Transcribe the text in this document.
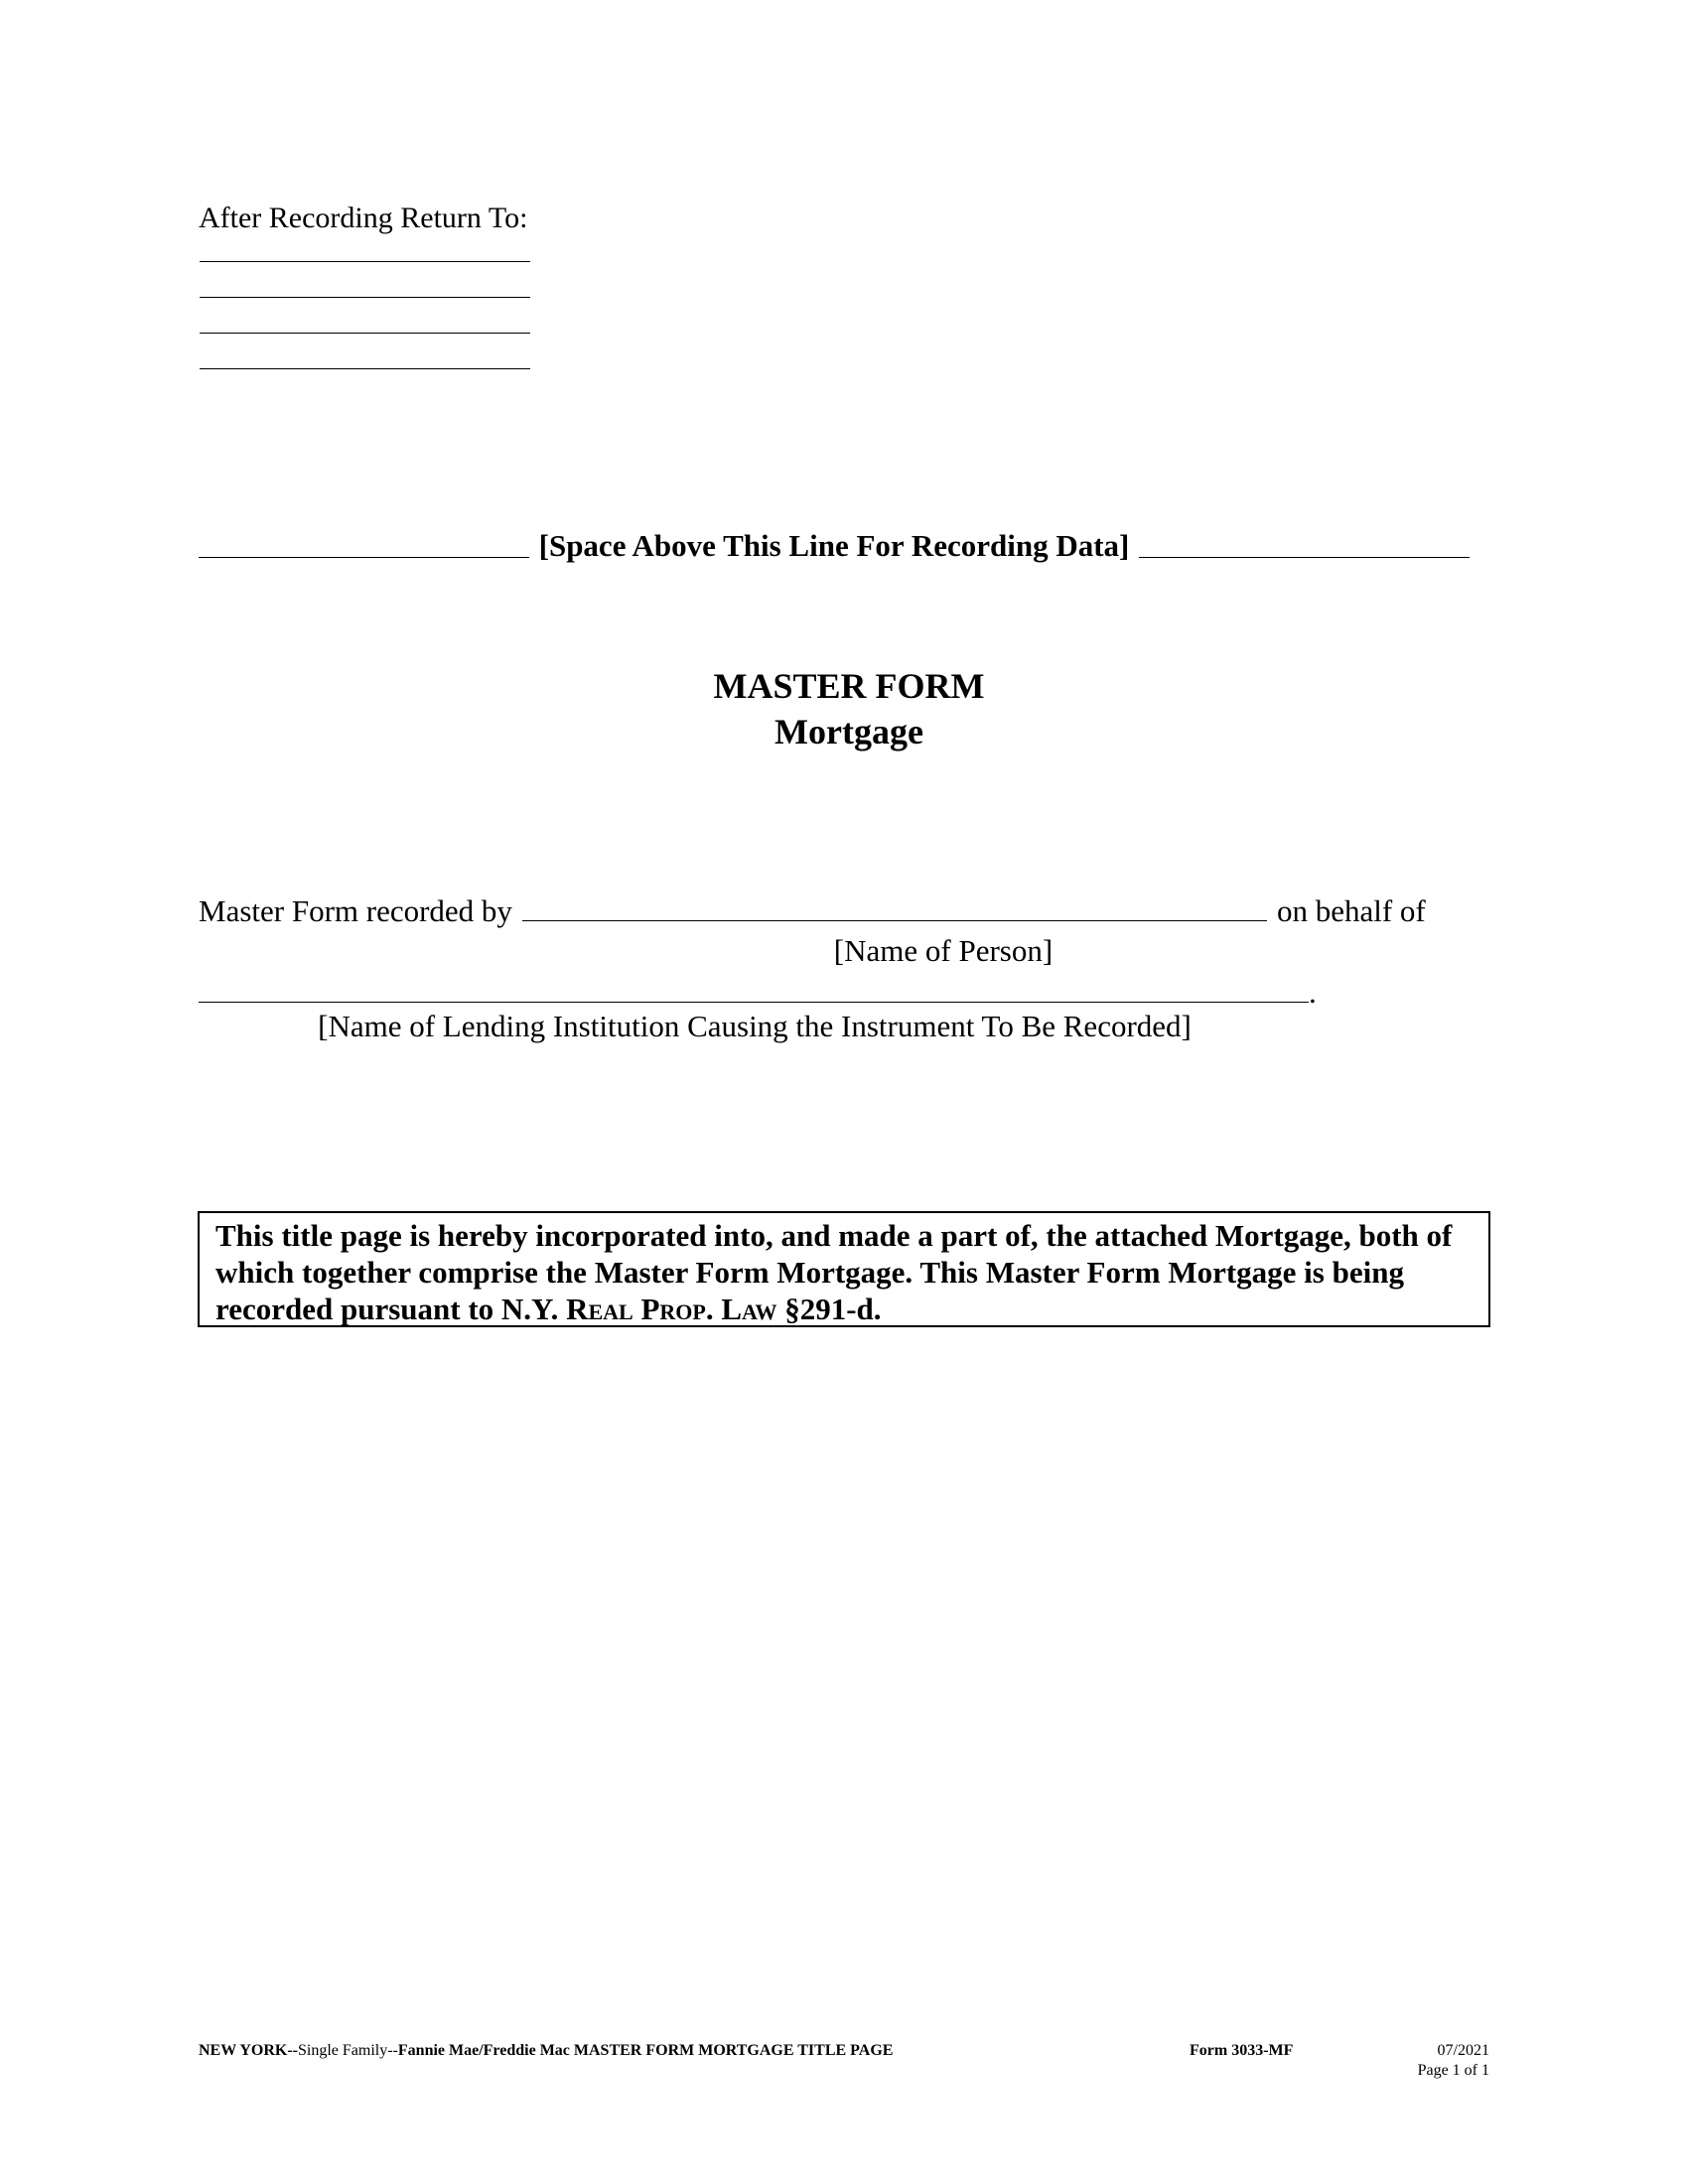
After Recording Return To:
[Space Above This Line For Recording Data]
MASTER FORM
Mortgage
Master Form recorded by	on behalf of
[Name of Person]
.
[Name of Lending Institution Causing the Instrument To Be Recorded]
This title page is hereby incorporated into, and made a part of, the attached Mortgage, both of which together comprise the Master Form Mortgage. This Master Form Mortgage is being recorded pursuant to N.Y. Real Prop. Law §291-d.
NEW YORK--Single Family--Fannie Mae/Freddie Mac MASTER FORM MORTGAGE TITLE PAGE	Form 3033-MF	07/2021
Page 1 of 1
